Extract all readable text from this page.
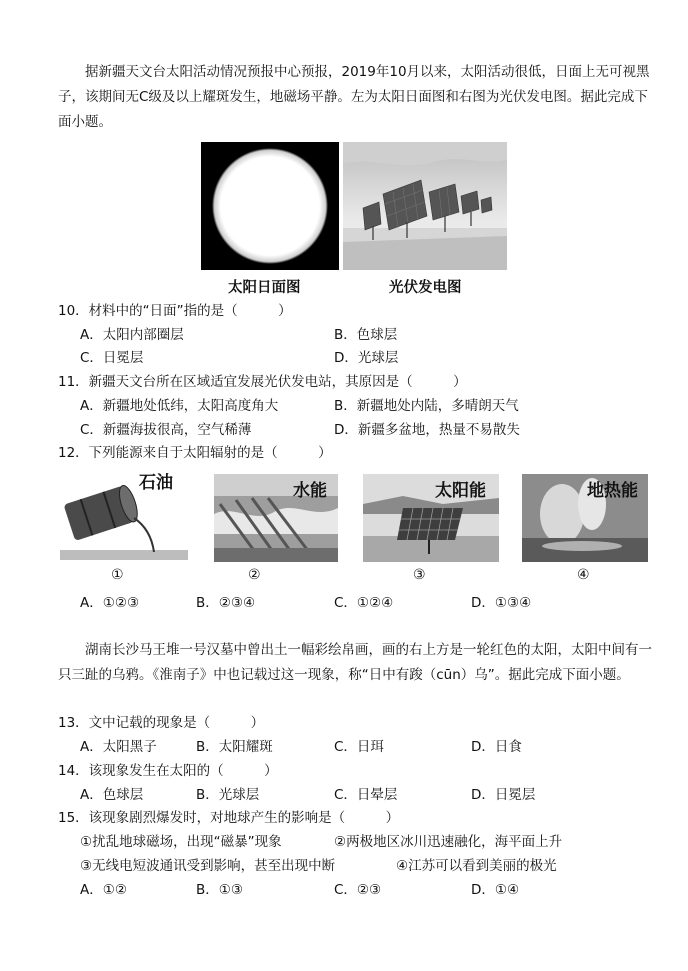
据新疆天文台太阳活动情况预报中心预报，2019年10月以来，太阳活动很低，日面上无可视黑子，该期间无C级及以上耀斑发生，地磁场平静。左为太阳日面图和右图为光伏发电图。据此完成下面小题。
太阳日面图	光伏发电图
10．材料中的“日面”指的是（　　　）
A．太阳内部圈层	B．色球层
C．日冕层	D．光球层
11．新疆天文台所在区域适宜发展光伏发电站，其原因是（　　　）
A．新疆地处低纬，太阳高度角大	B．新疆地处内陆，多晴朗天气
C．新疆海拔很高，空气稀薄	D．新疆多盆地，热量不易散失
12．下列能源来自于太阳辐射的是（　　　）
石油	水能	太阳能	地热能
①	②	③	④
A．①②③	B．②③④	C．①②④	D．①③④
湖南长沙马王堆一号汉墓中曾出土一幅彩绘帛画，画的右上方是一轮红色的太阳，太阳中间有一只三趾的乌鸦。《淮南子》中也记载过这一现象，称“日中有踆（cūn）乌”。据此完成下面小题。
13．文中记载的现象是（　　　）
A．太阳黑子	B．太阳耀斑	C．日珥	D．日食
14．该现象发生在太阳的（　　　）
A．色球层	B．光球层	C．日晕层	D．日冕层
15．该现象剧烈爆发时，对地球产生的影响是（　　　）
①扰乱地球磁场，出现“磁暴”现象	②两极地区冰川迅速融化，海平面上升
③无线电短波通讯受到影响，甚至出现中断	④江苏可以看到美丽的极光
A．①②	B．①③	C．②③	D．①④
